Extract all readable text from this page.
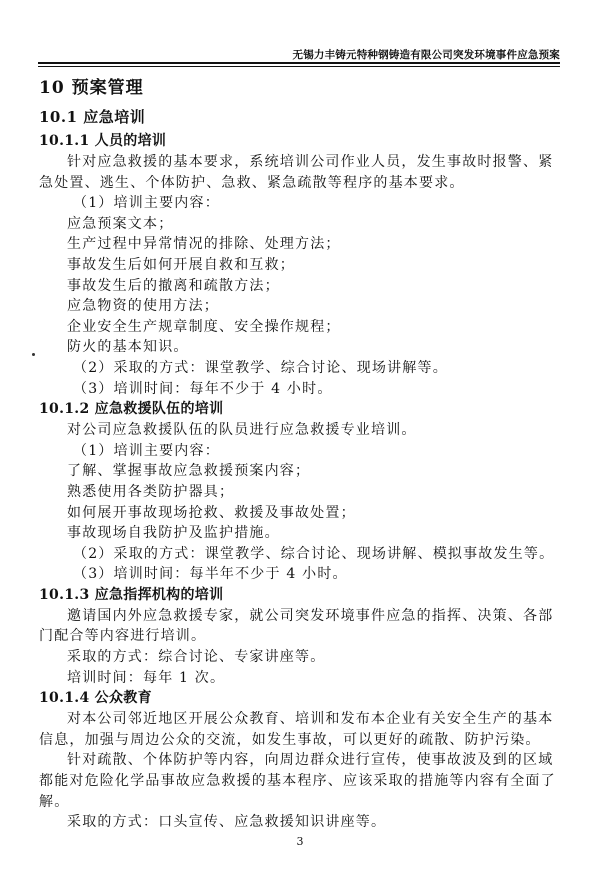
无锡力丰铸元特种钢铸造有限公司突发环境事件应急预案
10 预案管理
10.1 应急培训
10.1.1 人员的培训

针对应急救援的基本要求，系统培训公司作业人员，发生事故时报警、紧急处置、逃生、个体防护、急救、紧急疏散等程序的基本要求。

（1）培训主要内容：

应急预案文本；

生产过程中异常情况的排除、处理方法；

事故发生后如何开展自救和互救；

事故发生后的撤离和疏散方法；

应急物资的使用方法；

企业安全生产规章制度、安全操作规程；

防火的基本知识。

（2）采取的方式：课堂教学、综合讨论、现场讲解等。

（3）培训时间：每年不少于 4 小时。

10.1.2 应急救援队伍的培训

对公司应急救援队伍的队员进行应急救援专业培训。

（1）培训主要内容：

了解、掌握事故应急救援预案内容；

熟悉使用各类防护器具；

如何展开事故现场抢救、救援及事故处置；

事故现场自我防护及监护措施。

（2）采取的方式：课堂教学、综合讨论、现场讲解、模拟事故发生等。

（3）培训时间：每半年不少于 4 小时。

10.1.3 应急指挥机构的培训

邀请国内外应急救援专家，就公司突发环境事件应急的指挥、决策、各部门配合等内容进行培训。

采取的方式：综合讨论、专家讲座等。

培训时间：每年 1 次。

10.1.4 公众教育

对本公司邻近地区开展公众教育、培训和发布本企业有关安全生产的基本信息，加强与周边公众的交流，如发生事故，可以更好的疏散、防护污染。

针对疏散、个体防护等内容，向周边群众进行宣传，使事故波及到的区域都能对危险化学品事故应急救援的基本程序、应该采取的措施等内容有全面了解。

采取的方式：口头宣传、应急救援知识讲座等。

3
